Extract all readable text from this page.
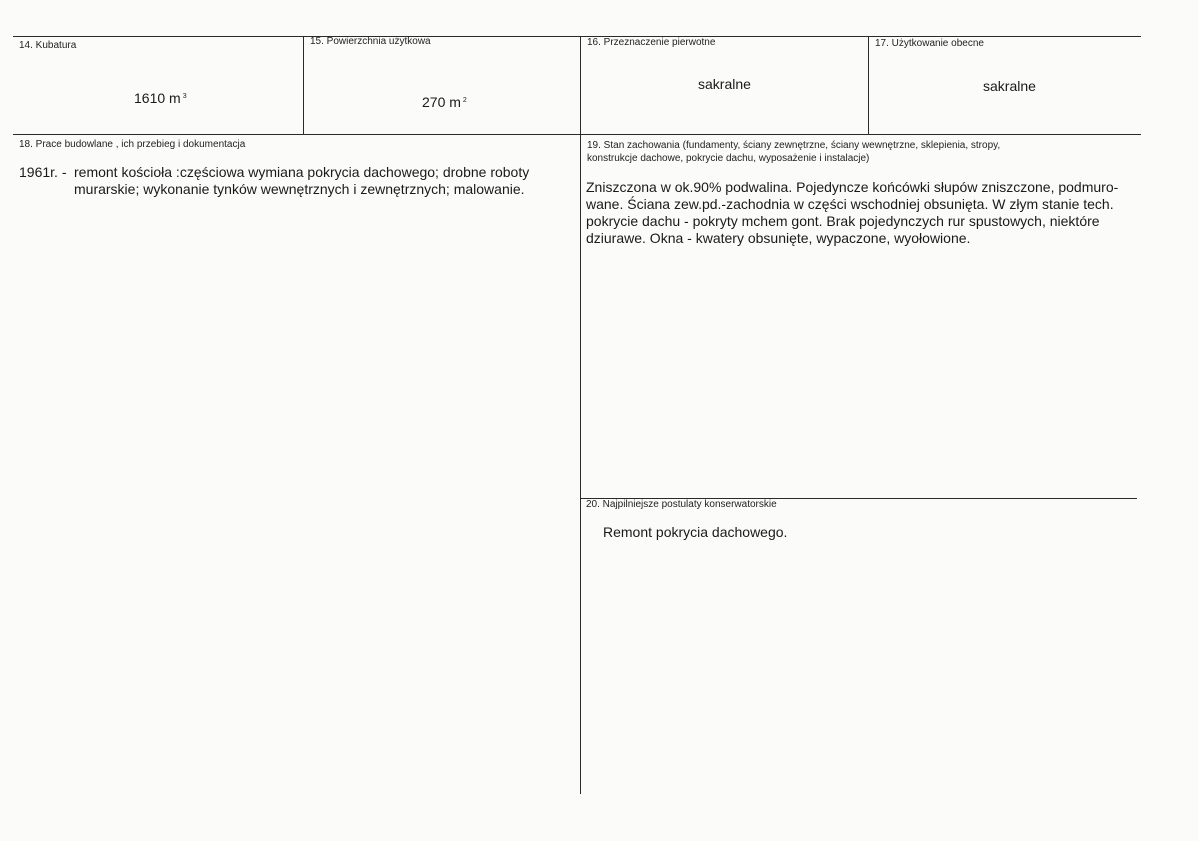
14. Kubatura
1610 m $^3$
15. Powierzchnia użytkowa
270 m $^2$
16. Przeznaczenie pierwotne
sakralne
17. Użytkowanie obecne
sakralne
18. Prace budowlane , ich przebieg i dokumentacja
1961r. - remont kościoła :częściowa wymiana pokrycia dachowego; drobne roboty murarskie; wykonanie tynków wewnętrznych i zewnętrznych; malowanie.
19. Stan zachowania (fundamenty, ściany zewnętrzne, ściany wewnętrzne, sklepienia, stropy,
konstrukcje dachowe, pokrycie dachu, wyposażenie i instalacje)
Zniszczona w ok.90% podwalina. Pojedyncze końcówki słupów zniszczone, podmuro-
wane. Ściana zew.pd.-zachodnia w części wschodniej obsunięta. W złym stanie tech.
pokrycie dachu - pokryty mchem gont. Brak pojedynczych rur spustowych, niektóre
dziurawe. Okna - kwatery obsunięte, wypaczone, wyołowione.
20. Najpilniejsze postulaty konserwatorskie
Remont pokrycia dachowego.
